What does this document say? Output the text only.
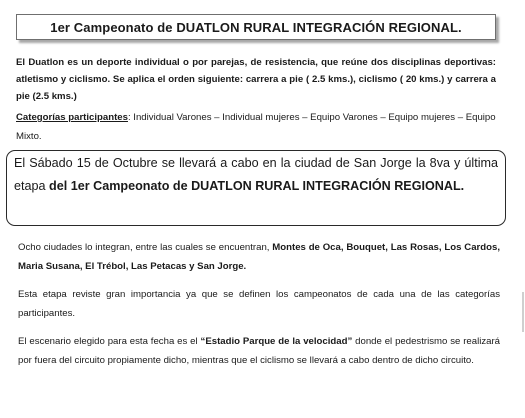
1er Campeonato de DUATLON RURAL INTEGRACIÓN REGIONAL.
El Duatlon es un deporte individual o por parejas, de resistencia, que reúne dos disciplinas deportivas: atletismo y ciclismo. Se aplica el orden siguiente: carrera a pie ( 2.5 kms.), ciclismo ( 20 kms.) y carrera a pie (2.5 kms.)
Categorías participantes: Individual Varones – Individual mujeres – Equipo Varones – Equipo mujeres – Equipo Mixto.
El Sábado 15 de Octubre se llevará a cabo en la ciudad de San Jorge la 8va y última etapa del 1er Campeonato de DUATLON RURAL INTEGRACIÓN REGIONAL.
Ocho ciudades lo integran, entre las cuales se encuentran, Montes de Oca, Bouquet, Las Rosas, Los Cardos, Maria Susana, El Trébol, Las Petacas y San Jorge.
Esta etapa reviste gran importancia ya que se definen los campeonatos de cada una de las categorías participantes.
El escenario elegido para esta fecha es el “Estadio Parque de la velocidad” donde el pedestrismo se realizará por fuera del circuito propiamente dicho, mientras que el ciclismo se llevará a cabo dentro de dicho circuito.
